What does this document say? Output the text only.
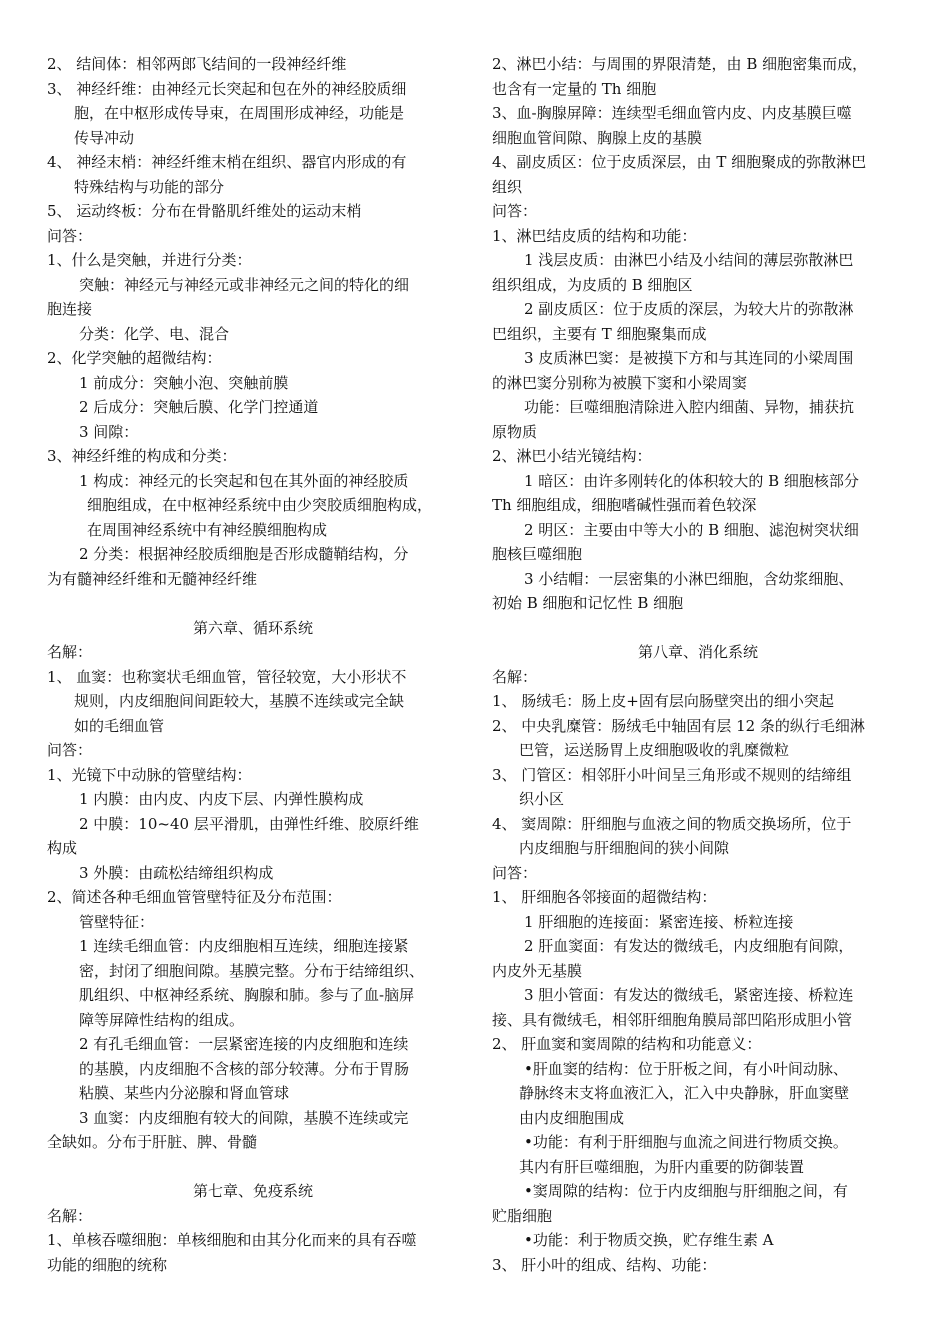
2、 结间体：相邻两郎飞结间的一段神经纤维
3、 神经纤维：由神经元长突起和包在外的神经胶质细
胞，在中枢形成传导束，在周围形成神经，功能是
传导冲动
4、 神经末梢：神经纤维末梢在组织、器官内形成的有
特殊结构与功能的部分
5、 运动终板：分布在骨骼肌纤维处的运动末梢
问答：
1、什么是突触，并进行分类：
突触：神经元与神经元或非神经元之间的特化的细
胞连接
分类：化学、电、混合
2、化学突触的超微结构：
1 前成分：突触小泡、突触前膜
2 后成分：突触后膜、化学门控通道
3 间隙：
3、神经纤维的构成和分类：
1 构成：神经元的长突起和包在其外面的神经胶质
细胞组成，在中枢神经系统中由少突胶质细胞构成，
在周围神经系统中有神经膜细胞构成
2 分类：根据神经胶质细胞是否形成髓鞘结构，分
为有髓神经纤维和无髓神经纤维
第六章、循环系统
名解：
1、 血窦：也称窦状毛细血管，管径较宽，大小形状不
规则，内皮细胞间间距较大，基膜不连续或完全缺
如的毛细血管
问答：
1、光镜下中动脉的管壁结构：
1 内膜：由内皮、内皮下层、内弹性膜构成
2 中膜：10~40 层平滑肌，由弹性纤维、胶原纤维
构成
3 外膜：由疏松结缔组织构成
2、简述各种毛细血管管壁特征及分布范围：
管壁特征：
1 连续毛细血管：内皮细胞相互连续，细胞连接紧
密，封闭了细胞间隙。基膜完整。分布于结缔组织、
肌组织、中枢神经系统、胸腺和肺。参与了血-脑屏
障等屏障性结构的组成。
2 有孔毛细血管：一层紧密连接的内皮细胞和连续
的基膜，内皮细胞不含核的部分较薄。分布于胃肠
粘膜、某些内分泌腺和肾血管球
3 血窦：内皮细胞有较大的间隙，基膜不连续或完
全缺如。分布于肝脏、脾、骨髓
第七章、免疫系统
名解：
1、单核吞噬细胞：单核细胞和由其分化而来的具有吞噬
功能的细胞的统称
2、淋巴小结：与周围的界限清楚，由 B 细胞密集而成，
也含有一定量的 Th 细胞
3、血-胸腺屏障：连续型毛细血管内皮、内皮基膜巨噬
细胞血管间隙、胸腺上皮的基膜
4、副皮质区：位于皮质深层，由 T 细胞聚成的弥散淋巴
组织
问答：
1、淋巴结皮质的结构和功能：
1 浅层皮质：由淋巴小结及小结间的薄层弥散淋巴
组织组成，为皮质的 B 细胞区
2 副皮质区：位于皮质的深层，为较大片的弥散淋
巴组织，主要有 T 细胞聚集而成
3 皮质淋巴窦：是被摸下方和与其连同的小梁周围
的淋巴窦分别称为被膜下窦和小梁周窦
功能：巨噬细胞清除进入腔内细菌、异物，捕获抗
原物质
2、淋巴小结光镜结构：
1 暗区：由许多刚转化的体积较大的 B 细胞核部分
Th 细胞组成，细胞嗜碱性强而着色较深
2 明区：主要由中等大小的 B 细胞、滤泡树突状细
胞核巨噬细胞
3 小结帽：一层密集的小淋巴细胞，含幼浆细胞、
初始 B 细胞和记忆性 B 细胞
第八章、消化系统
名解：
1、 肠绒毛：肠上皮+固有层向肠壁突出的细小突起
2、 中央乳糜管：肠绒毛中轴固有层 12 条的纵行毛细淋
巴管，运送肠胃上皮细胞吸收的乳糜微粒
3、 门管区：相邻肝小叶间呈三角形或不规则的结缔组
织小区
4、 窦周隙：肝细胞与血液之间的物质交换场所，位于
内皮细胞与肝细胞间的狭小间隙
问答：
1、 肝细胞各邻接面的超微结构：
1 肝细胞的连接面：紧密连接、桥粒连接
2 肝血窦面：有发达的微绒毛，内皮细胞有间隙，
内皮外无基膜
3 胆小管面：有发达的微绒毛，紧密连接、桥粒连
接、具有微绒毛，相邻肝细胞角膜局部凹陷形成胆小管
2、 肝血窦和窦周隙的结构和功能意义：
•肝血窦的结构：位于肝板之间，有小叶间动脉、
静脉终末支将血液汇入，汇入中央静脉，肝血窦壁
由内皮细胞围成
•功能：有利于肝细胞与血流之间进行物质交换。
其内有肝巨噬细胞，为肝内重要的防御装置
•窦周隙的结构：位于内皮细胞与肝细胞之间，有
贮脂细胞
•功能：利于物质交换，贮存维生素 A
3、 肝小叶的组成、结构、功能：
